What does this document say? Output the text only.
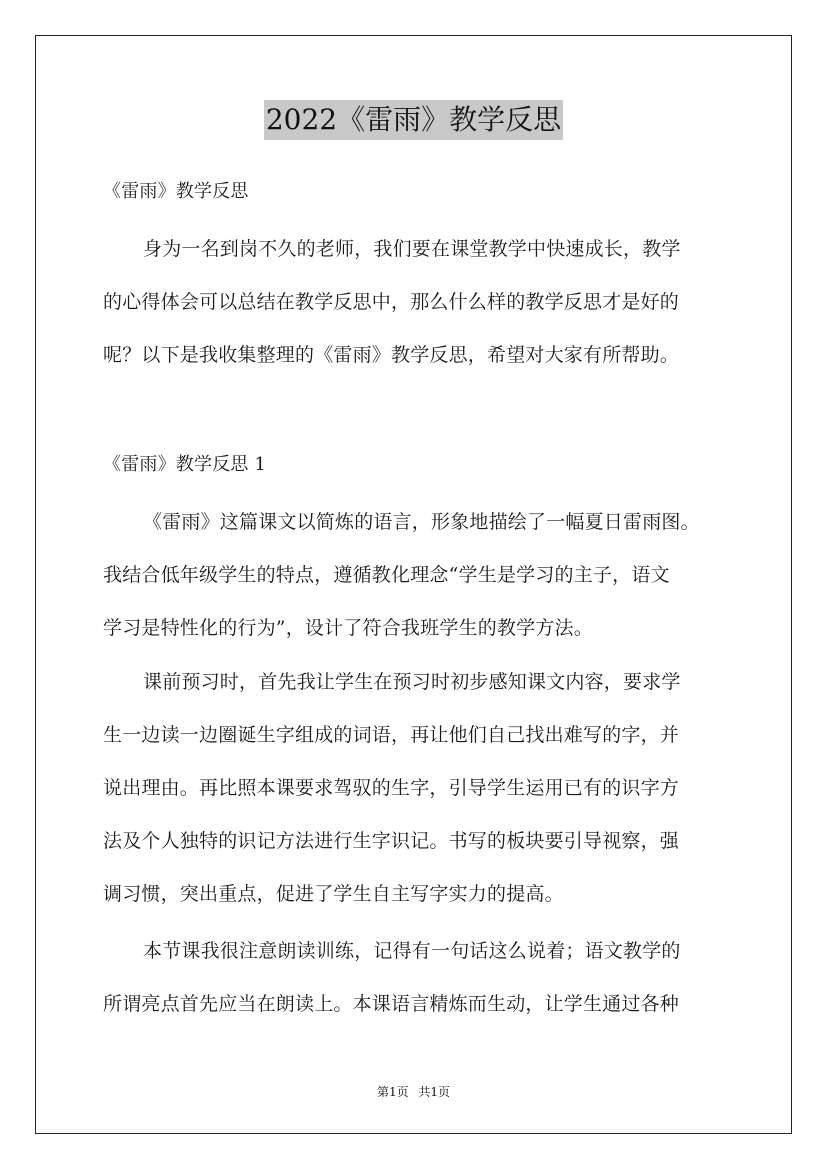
2022《雷雨》教学反思
《雷雨》教学反思
身为一名到岗不久的老师，我们要在课堂教学中快速成长，教学
的心得体会可以总结在教学反思中，那么什么样的教学反思才是好的
呢？以下是我收集整理的《雷雨》教学反思，希望对大家有所帮助。
《雷雨》教学反思 1
《雷雨》这篇课文以简炼的语言，形象地描绘了一幅夏日雷雨图。
我结合低年级学生的特点，遵循教化理念“学生是学习的主子，语文
学习是特性化的行为”，设计了符合我班学生的教学方法。
课前预习时，首先我让学生在预习时初步感知课文内容，要求学
生一边读一边圈诞生字组成的词语，再让他们自己找出难写的字，并
说出理由。再比照本课要求驾驭的生字，引导学生运用已有的识字方
法及个人独特的识记方法进行生字识记。书写的板块要引导视察，强
调习惯，突出重点，促进了学生自主写字实力的提高。
本节课我很注意朗读训练，记得有一句话这么说着；语文教学的
所谓亮点首先应当在朗读上。本课语言精炼而生动，让学生通过各种
第1页 共1页
